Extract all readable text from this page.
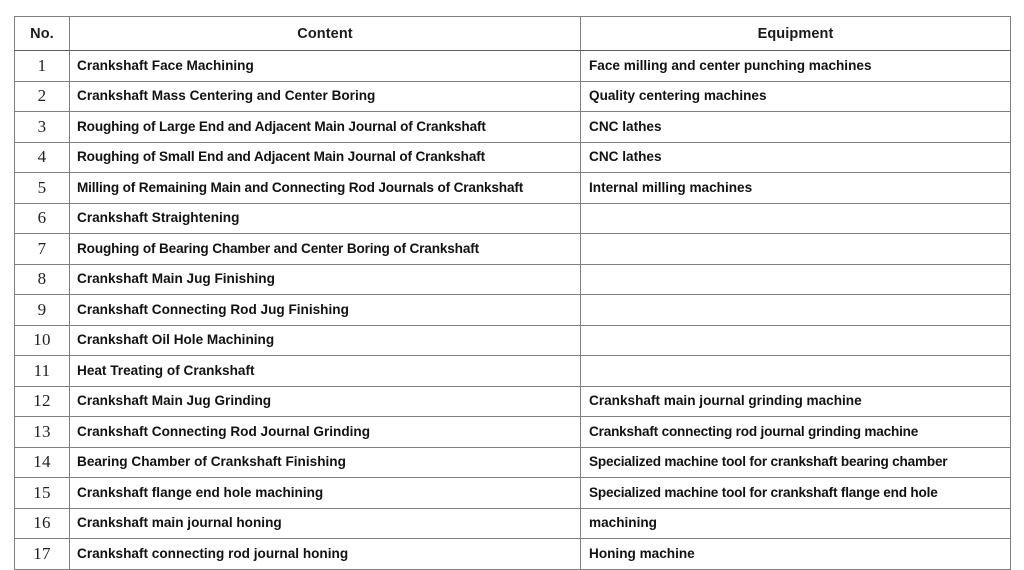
No.	Content	Equipment
1	Crankshaft Face Machining	Face milling and center punching machines

2	Crankshaft Mass Centering and Center Boring	Quality centering machines

3	Roughing of Large End and Adjacent Main Journal of Crankshaft	CNC lathes

4	Roughing of Small End and Adjacent Main Journal of Crankshaft	CNC lathes

5	Milling of Remaining Main and Connecting Rod Journals of Crankshaft	Internal milling machines

6	Crankshaft Straightening	

7	Roughing of Bearing Chamber and Center Boring of Crankshaft	

8	Crankshaft Main Jug Finishing	

9	Crankshaft Connecting Rod Jug Finishing	

10	Crankshaft Oil Hole Machining	

11	Heat Treating of Crankshaft	

12	Crankshaft Main Jug Grinding	Crankshaft main journal grinding machine

13	Crankshaft Connecting Rod Journal Grinding	Crankshaft connecting rod journal grinding machine

14	Bearing Chamber of Crankshaft Finishing	Specialized machine tool for crankshaft bearing chamber

15	Crankshaft flange end hole machining	Specialized machine tool for crankshaft flange end hole

16	Crankshaft main journal honing	machining

17	Crankshaft connecting rod journal honing	Honing machine
